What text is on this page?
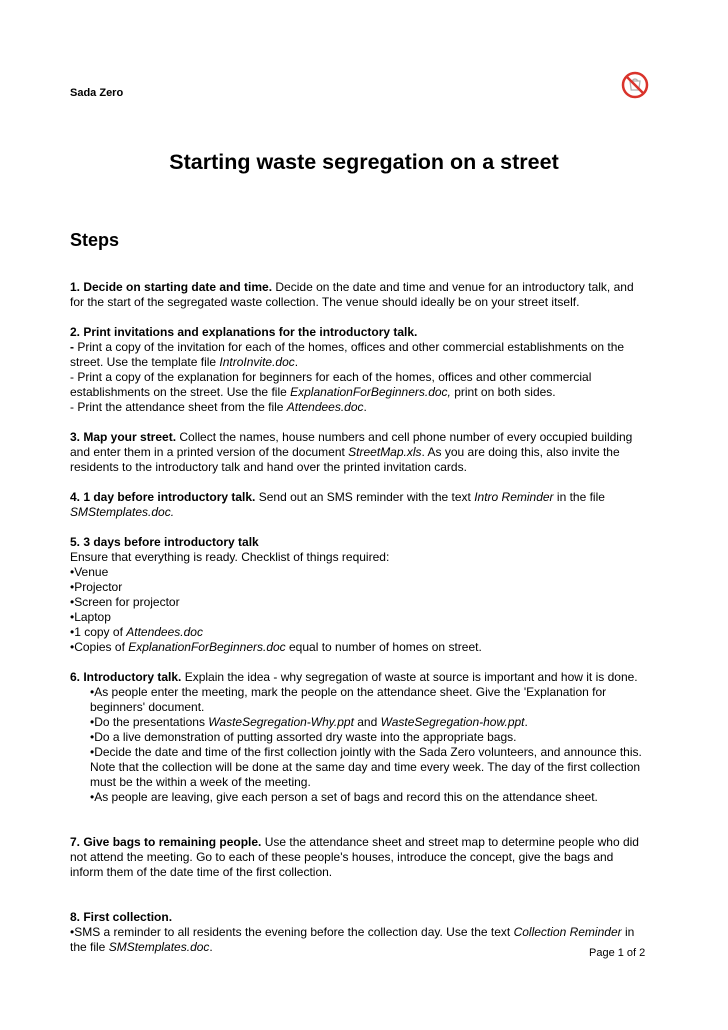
Sada Zero
Starting waste segregation on a street
Steps
1. Decide on starting date and time. Decide on the date and time and venue for an introductory talk, and
for the start of the segregated waste collection. The venue should ideally be on your street itself.
2. Print invitations and explanations for the introductory talk.
- Print a copy of the invitation for each of the homes, offices and other commercial establishments on the
street. Use the template file IntroInvite.doc.
- Print a copy of the explanation for beginners for each of the homes, offices and other commercial
establishments on the street. Use the file ExplanationForBeginners.doc, print on both sides.
- Print the attendance sheet from the file Attendees.doc.
3. Map your street. Collect the names, house numbers and cell phone number of every occupied building
and enter them in a printed version of the document StreetMap.xls. As you are doing this, also invite the
residents to the introductory talk and hand over the printed invitation cards.
4. 1 day before introductory talk. Send out an SMS reminder with the text Intro Reminder in the file
SMStemplates.doc.
5. 3 days before introductory talk
Ensure that everything is ready. Checklist of things required:
•Venue
•Projector
•Screen for projector
•Laptop
•1 copy of Attendees.doc
•Copies of ExplanationForBeginners.doc equal to number of homes on street.
6. Introductory talk. Explain the idea - why segregation of waste at source is important and how it is done.
•As people enter the meeting, mark the people on the attendance sheet. Give the 'Explanation for
beginners' document.
•Do the presentations WasteSegregation-Why.ppt and WasteSegregation-how.ppt.
•Do a live demonstration of putting assorted dry waste into the appropriate bags.
•Decide the date and time of the first collection jointly with the Sada Zero volunteers, and announce this.
Note that the collection will be done at the same day and time every week. The day of the first collection
must be the within a week of the meeting.
•As people are leaving, give each person a set of bags and record this on the attendance sheet.
7. Give bags to remaining people. Use the attendance sheet and street map to determine people who did
not attend the meeting. Go to each of these people's houses, introduce the concept, give the bags and
inform them of the date time of the first collection.
8. First collection.
•SMS a reminder to all residents the evening before the collection day. Use the text Collection Reminder in
the file SMStemplates.doc.	Page 1 of 2
